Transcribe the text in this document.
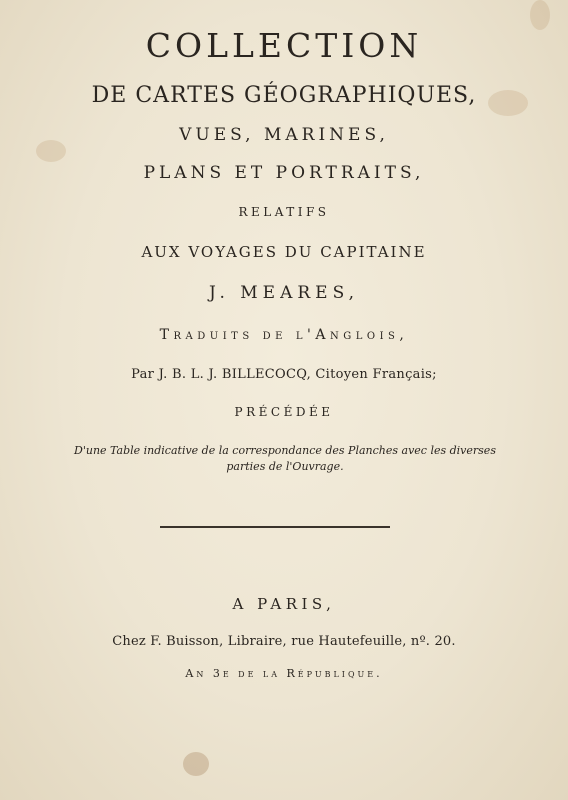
COLLECTION
DE CARTES GÉOGRAPHIQUES,
VUES, MARINES,
PLANS ET PORTRAITS,
RELATIFS
AUX VOYAGES DU CAPITAINE
J. MEARES,
Traduits de l'Anglois,
Par J. B. L. J. BILLECOCQ, Citoyen Français;
PRÉCÉDÉE
D'une Table indicative de la correspondance des Planches avec les diverses parties de l'Ouvrage.
A PARIS,
Chez F. Buisson, Libraire, rue Hautefeuille, nº. 20.
An 3e de la République.
